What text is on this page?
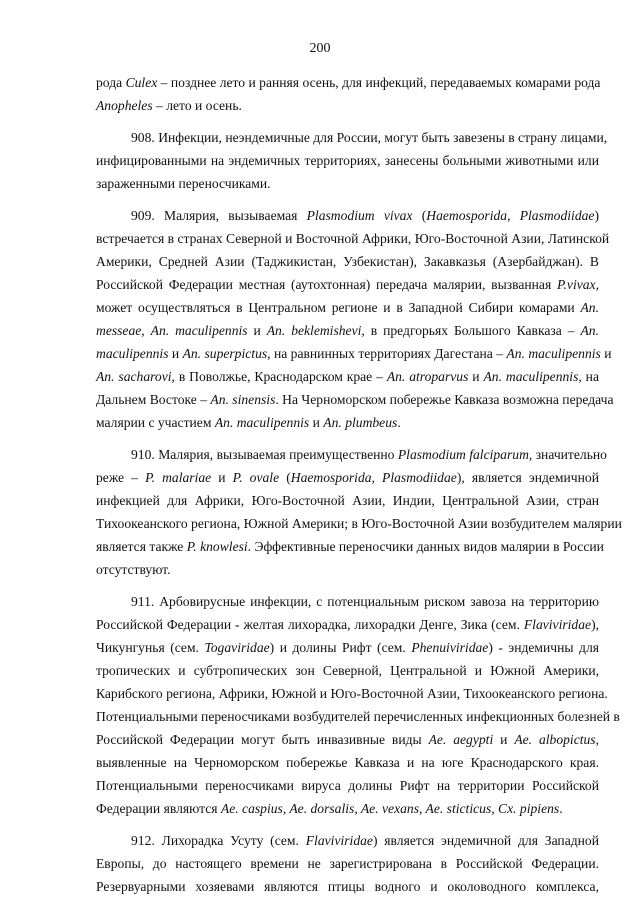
200
рода Culex – позднее лето и ранняя осень, для инфекций, передаваемых комарами рода
Anopheles – лето и осень.
908. Инфекции, неэндемичные для России, могут быть завезены в страну лицами,
инфицированными на эндемичных территориях, занесены больными животными или
зараженными переносчиками.
909. Малярия, вызываемая Plasmodium vivax (Haemosporida, Plasmodiidae)
встречается в странах Северной и Восточной Африки, Юго-Восточной Азии, Латинской
Америки, Средней Азии (Таджикистан, Узбекистан), Закавказья (Азербайджан). В
Российской Федерации местная (аутохтонная) передача малярии, вызванная P.vivax,
может осуществляться в Центральном регионе и в Западной Сибири комарами An.
messeae, An. maculipennis и An. beklemishevi, в предгорьях Большого Кавказа – An.
maculipennis и An. superpictus, на равнинных территориях Дагестана – An. maculipennis и
An. sacharovi, в Поволжье, Краснодарском крае – An. atroparvus и An. maculipennis, на
Дальнем Востоке – An. sinensis. На Черноморском побережье Кавказа возможна передача
малярии с участием An. maculipennis и An. plumbeus.
910. Малярия, вызываемая преимущественно Plasmodium falciparum, значительно
реже – P. malariae и P. ovale (Haemosporida, Plasmodiidae), является эндемичной
инфекцией для Африки, Юго-Восточной Азии, Индии, Центральной Азии, стран
Тихоокеанского региона, Южной Америки; в Юго-Восточной Азии возбудителем малярии
является также P. knowlesi. Эффективные переносчики данных видов малярии в России
отсутствуют.
911. Арбовирусные инфекции, с потенциальным риском завоза на территорию
Российской Федерации - желтая лихорадка, лихорадки Денге, Зика (сем. Flaviviridae),
Чикунгунья (сем. Togaviridae) и долины Рифт (сем. Phenuiviridae) - эндемичны для
тропических и субтропических зон Северной, Центральной и Южной Америки,
Карибского региона, Африки, Южной и Юго-Восточной Азии, Тихоокеанского региона.
Потенциальными переносчиками возбудителей перечисленных инфекционных болезней в
Российской Федерации могут быть инвазивные виды Ae. aegypti и Ae. albopictus,
выявленные на Черноморском побережье Кавказа и на юге Краснодарского края.
Потенциальными переносчиками вируса долины Рифт на территории Российской
Федерации являются Ae. caspius, Ae. dorsalis, Ae. vexans, Ae. sticticus, Cx. pipiens.
912. Лихорадка Усуту (сем. Flaviviridae) является эндемичной для Западной
Европы, до настоящего времени не зарегистрирована в Российской Федерации.
Резервуарными хозяевами являются птицы водного и околоводного комплекса,
